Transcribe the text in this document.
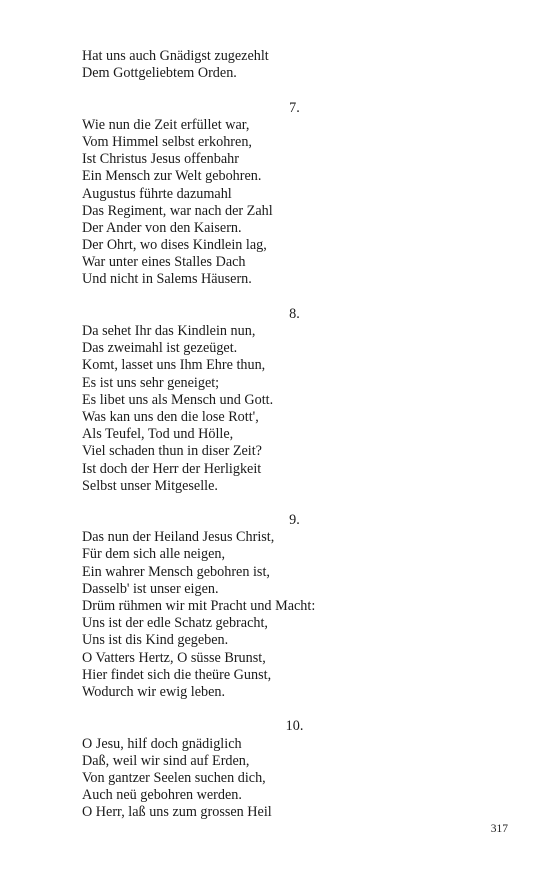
Hat uns auch Gnädigst zugezehlt
Dem Gottgeliebtem Orden.
7.
Wie nun die Zeit erfüllet war,
Vom Himmel selbst erkohren,
Ist Christus Jesus offenbahr
Ein Mensch zur Welt gebohren.
Augustus führte dazumahl
Das Regiment, war nach der Zahl
Der Ander von den Kaisern.
Der Ohrt, wo dises Kindlein lag,
War unter eines Stalles Dach
Und nicht in Salems Häusern.
8.
Da sehet Ihr das Kindlein nun,
Das zweimahl ist gezeüget.
Komt, lasset uns Ihm Ehre thun,
Es ist uns sehr geneiget;
Es libet uns als Mensch und Gott.
Was kan uns den die lose Rott',
Als Teufel, Tod und Hölle,
Viel schaden thun in diser Zeit?
Ist doch der Herr der Herligkeit
Selbst unser Mitgeselle.
9.
Das nun der Heiland Jesus Christ,
Für dem sich alle neigen,
Ein wahrer Mensch gebohren ist,
Dasselb' ist unser eigen.
Drüm rühmen wir mit Pracht und Macht:
Uns ist der edle Schatz gebracht,
Uns ist dis Kind gegeben.
O Vatters Hertz, O süsse Brunst,
Hier findet sich die theüre Gunst,
Wodurch wir ewig leben.
10.
O Jesu, hilf doch gnädiglich
Daß, weil wir sind auf Erden,
Von gantzer Seelen suchen dich,
Auch neü gebohren werden.
O Herr, laß uns zum grossen Heil
317
